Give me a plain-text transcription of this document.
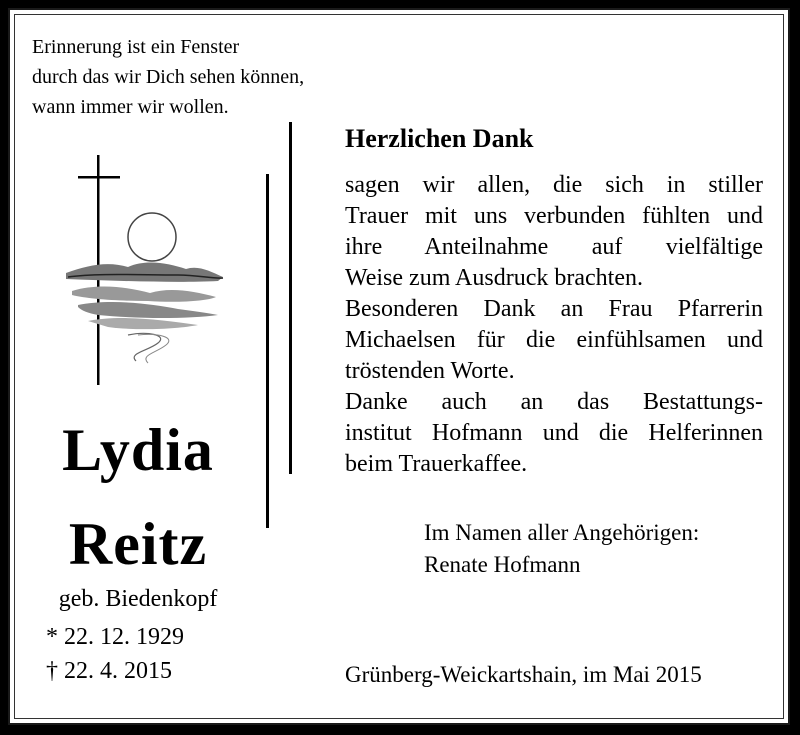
Erinnerung ist ein Fenster
durch das wir Dich sehen können,
wann immer wir wollen.
Lydia
Reitz
geb. Biedenkopf
* 22. 12. 1929
† 22. 4. 2015
Herzlichen Dank
sagen wir allen, die sich in stiller
Trauer mit uns verbunden fühlten und
ihre Anteilnahme auf vielfältige
Weise zum Ausdruck brachten.
Besonderen Dank an Frau Pfarrerin
Michaelsen für die einfühlsamen und
tröstenden Worte.
Danke auch an das Bestattungs-
institut Hofmann und die Helferinnen
beim Trauerkaffee.
Im Namen aller Angehörigen:
Renate Hofmann
Grünberg-Weickartshain, im Mai 2015
